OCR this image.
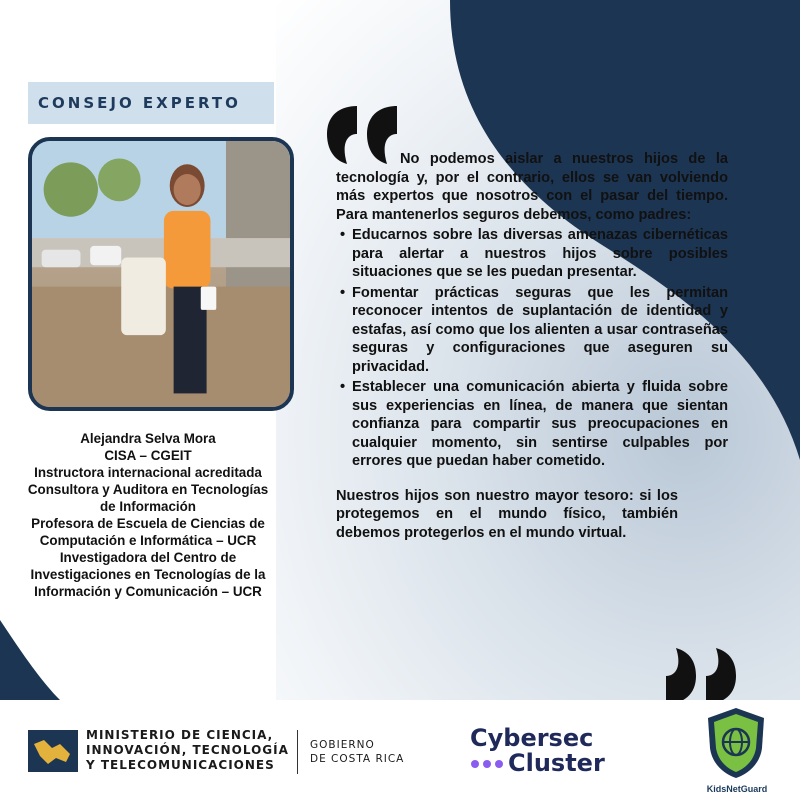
CONSEJO EXPERTO
Alejandra Selva Mora
CISA – CGEIT
Instructora internacional acreditada
Consultora y Auditora en Tecnologías
de Información
Profesora de Escuela de Ciencias de
Computación e Informática – UCR
Investigadora del Centro de
Investigaciones en Tecnologías de la
Información y Comunicación – UCR

No podemos aislar a nuestros hijos de la tecnología y, por el contrario, ellos se van volviendo más expertos que nosotros con el pasar del tiempo. Para mantenerlos seguros debemos, como padres:

• Educarnos sobre las diversas amenazas cibernéticas para alertar a nuestros hijos sobre posibles situaciones que se les puedan presentar.
• Fomentar prácticas seguras que les permitan reconocer intentos de suplantación de identidad y estafas, así como que los alienten a usar contraseñas seguras y configuraciones que aseguren su privacidad.
• Establecer una comunicación abierta y fluida sobre sus experiencias en línea, de manera que sientan confianza para compartir sus preocupaciones en cualquier momento, sin sentirse culpables por errores que puedan haber cometido.

Nuestros hijos son nuestro mayor tesoro: si los protegemos en el mundo físico, también debemos protegerlos en el mundo virtual.

MINISTERIO DE CIENCIA,
INNOVACIÓN, TECNOLOGÍA
Y TELECOMUNICACIONES
GOBIERNO
DE COSTA RICA
Cybersec
Cluster
KidsNetGuard
